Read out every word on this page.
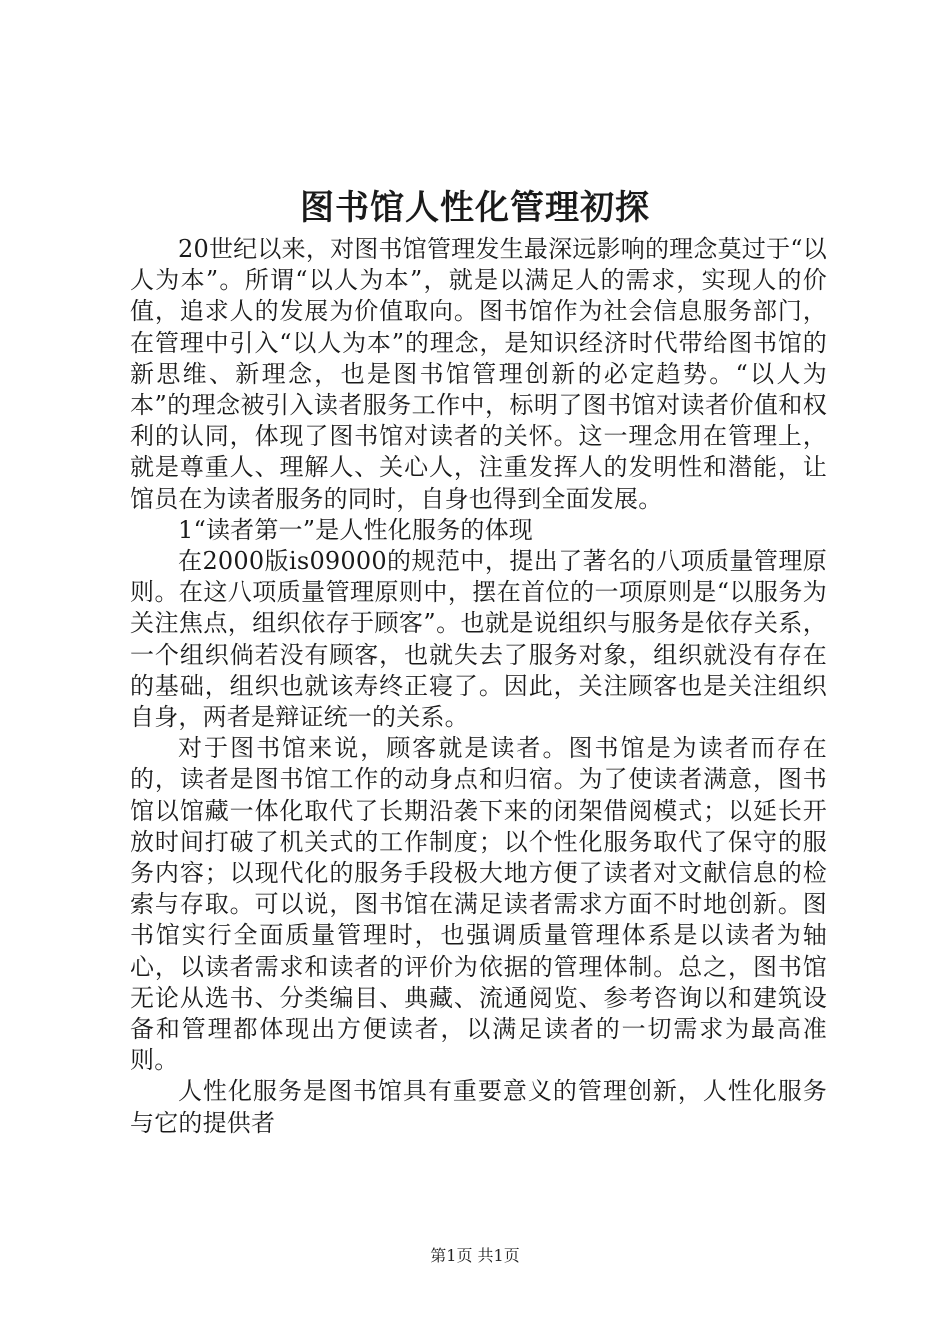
图书馆人性化管理初探

20世纪以来，对图书馆管理发生最深远影响的理念莫过于“以人为本”。所谓“以人为本”，就是以满足人的需求，实现人的价值，追求人的发展为价值取向。图书馆作为社会信息服务部门，在管理中引入“以人为本”的理念，是知识经济时代带给图书馆的新思维、新理念，也是图书馆管理创新的必定趋势。“以人为本”的理念被引入读者服务工作中，标明了图书馆对读者价值和权利的认同，体现了图书馆对读者的关怀。这一理念用在管理上，就是尊重人、理解人、关心人，注重发挥人的发明性和潜能，让馆员在为读者服务的同时，自身也得到全面发展。

1“读者第一”是人性化服务的体现

在2000版is09000的规范中，提出了著名的八项质量管理原则。在这八项质量管理原则中，摆在首位的一项原则是“以服务为关注焦点，组织依存于顾客”。也就是说组织与服务是依存关系，一个组织倘若没有顾客，也就失去了服务对象，组织就没有存在的基础，组织也就该寿终正寝了。因此，关注顾客也是关注组织自身，两者是辩证统一的关系。

对于图书馆来说，顾客就是读者。图书馆是为读者而存在的，读者是图书馆工作的动身点和归宿。为了使读者满意，图书馆以馆藏一体化取代了长期沿袭下来的闭架借阅模式；以延长开放时间打破了机关式的工作制度；以个性化服务取代了保守的服务内容；以现代化的服务手段极大地方便了读者对文献信息的检索与存取。可以说，图书馆在满足读者需求方面不时地创新。图书馆实行全面质量管理时，也强调质量管理体系是以读者为轴心，以读者需求和读者的评价为依据的管理体制。总之，图书馆无论从选书、分类编目、典藏、流通阅览、参考咨询以和建筑设备和管理都体现出方便读者，以满足读者的一切需求为最高准则。

人性化服务是图书馆具有重要意义的管理创新，人性化服务与它的提供者

第1页 共1页
